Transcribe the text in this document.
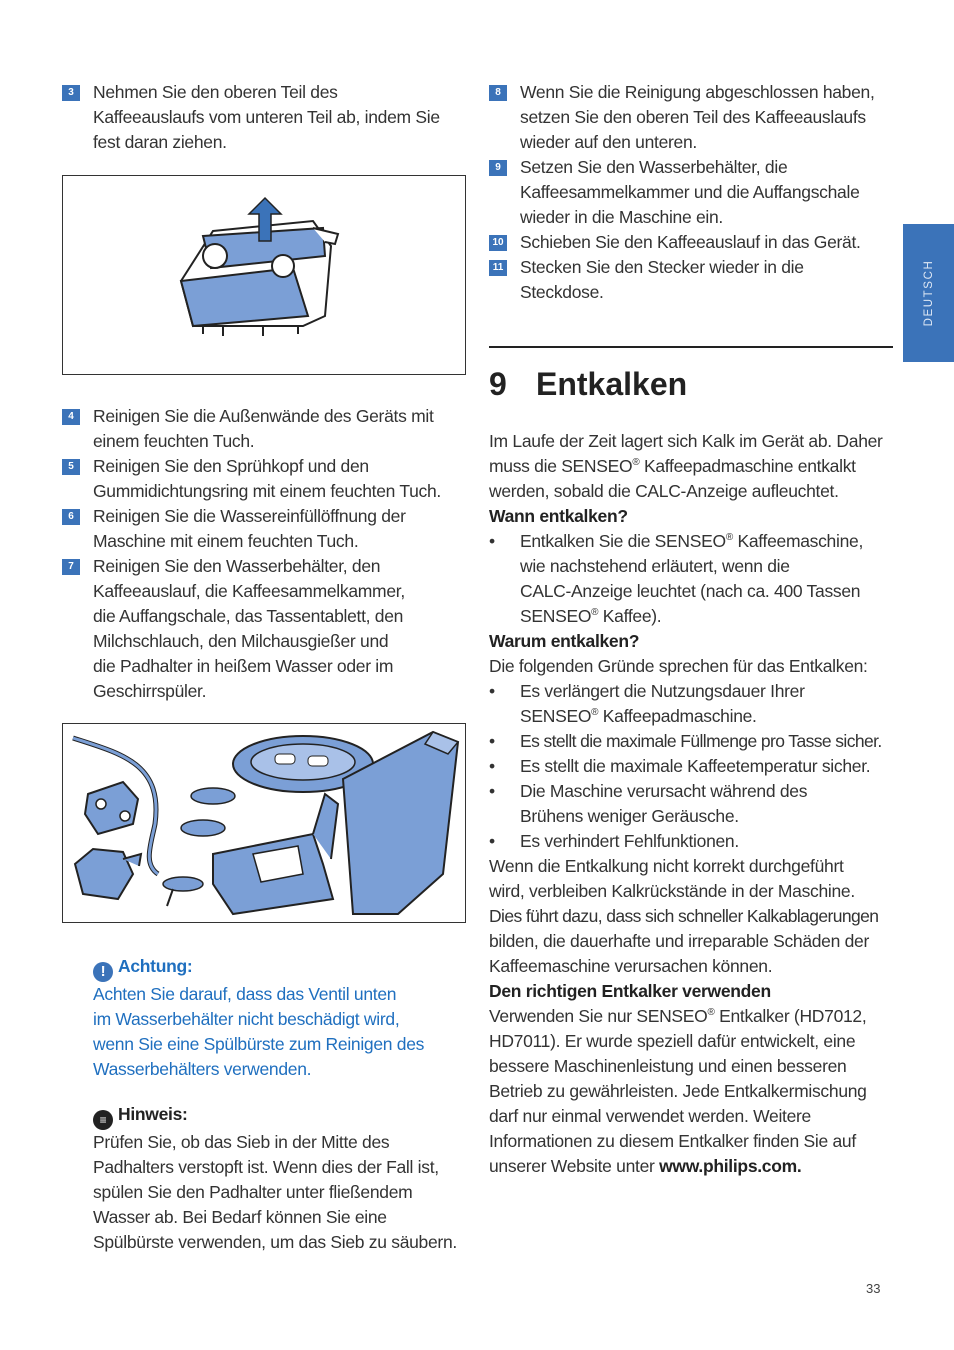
DEUTSCH
3	Nehmen Sie den oberen Teil des
Kaffeeauslaufs vom unteren Teil ab, indem Sie
fest daran ziehen.
4	Reinigen Sie die Außenwände des Geräts mit
einem feuchten Tuch.
5	Reinigen Sie den Sprühkopf und den
Gummidichtungsring mit einem feuchten Tuch.
6	Reinigen Sie die Wassereinfüllöffnung der
Maschine mit einem feuchten Tuch.
7	Reinigen Sie den Wasserbehälter, den
Kaffeeauslauf, die Kaffeesammelkammer,
die Auffangschale, das Tassentablett, den
Milchschlauch, den Milchausgießer und
die Padhalter in heißem Wasser oder im
Geschirrspüler.
! Achtung:
Achten Sie darauf, dass das Ventil unten
im Wasserbehälter nicht beschädigt wird,
wenn Sie eine Spülbürste zum Reinigen des
Wasserbehälters verwenden.
≡ Hinweis:
Prüfen Sie, ob das Sieb in der Mitte des
Padhalters verstopft ist. Wenn dies der Fall ist,
spülen Sie den Padhalter unter fließendem
Wasser ab. Bei Bedarf können Sie eine
Spülbürste verwenden, um das Sieb zu säubern.
8	Wenn Sie die Reinigung abgeschlossen haben,
setzen Sie den oberen Teil des Kaffeeauslaufs
wieder auf den unteren.
9	Setzen Sie den Wasserbehälter, die
Kaffeesammelkammer und die Auffangschale
wieder in die Maschine ein.
10 Schieben Sie den Kaffeeauslauf in das Gerät.
11 Stecken Sie den Stecker wieder in die
Steckdose.
9 Entkalken
Im Laufe der Zeit lagert sich Kalk im Gerät ab. Daher
muss die SENSEO® Kaffeepadmaschine entkalkt
werden, sobald die CALC-Anzeige aufleuchtet.
Wann entkalken?
• Entkalken Sie die SENSEO® Kaffeemaschine,
wie nachstehend erläutert, wenn die
CALC-Anzeige leuchtet (nach ca. 400 Tassen
SENSEO® Kaffee).
Warum entkalken?
Die folgenden Gründe sprechen für das Entkalken:
• Es verlängert die Nutzungsdauer Ihrer
SENSEO® Kaffeepadmaschine.
• Es stellt die maximale Füllmenge pro Tasse sicher.
• Es stellt die maximale Kaffeetemperatur sicher.
• Die Maschine verursacht während des
Brühens weniger Geräusche.
• Es verhindert Fehlfunktionen.
Wenn die Entkalkung nicht korrekt durchgeführt
wird, verbleiben Kalkrückstände in der Maschine.
Dies führt dazu, dass sich schneller Kalkablagerungen
bilden, die dauerhafte und irreparable Schäden der
Kaffeemaschine verursachen können.
Den richtigen Entkalker verwenden
Verwenden Sie nur SENSEO® Entkalker (HD7012,
HD7011). Er wurde speziell dafür entwickelt, eine
bessere Maschinenleistung und einen besseren
Betrieb zu gewährleisten. Jede Entkalkermischung
darf nur einmal verwendet werden. Weitere
Informationen zu diesem Entkalker finden Sie auf
unserer Website unter www.philips.com.
33
